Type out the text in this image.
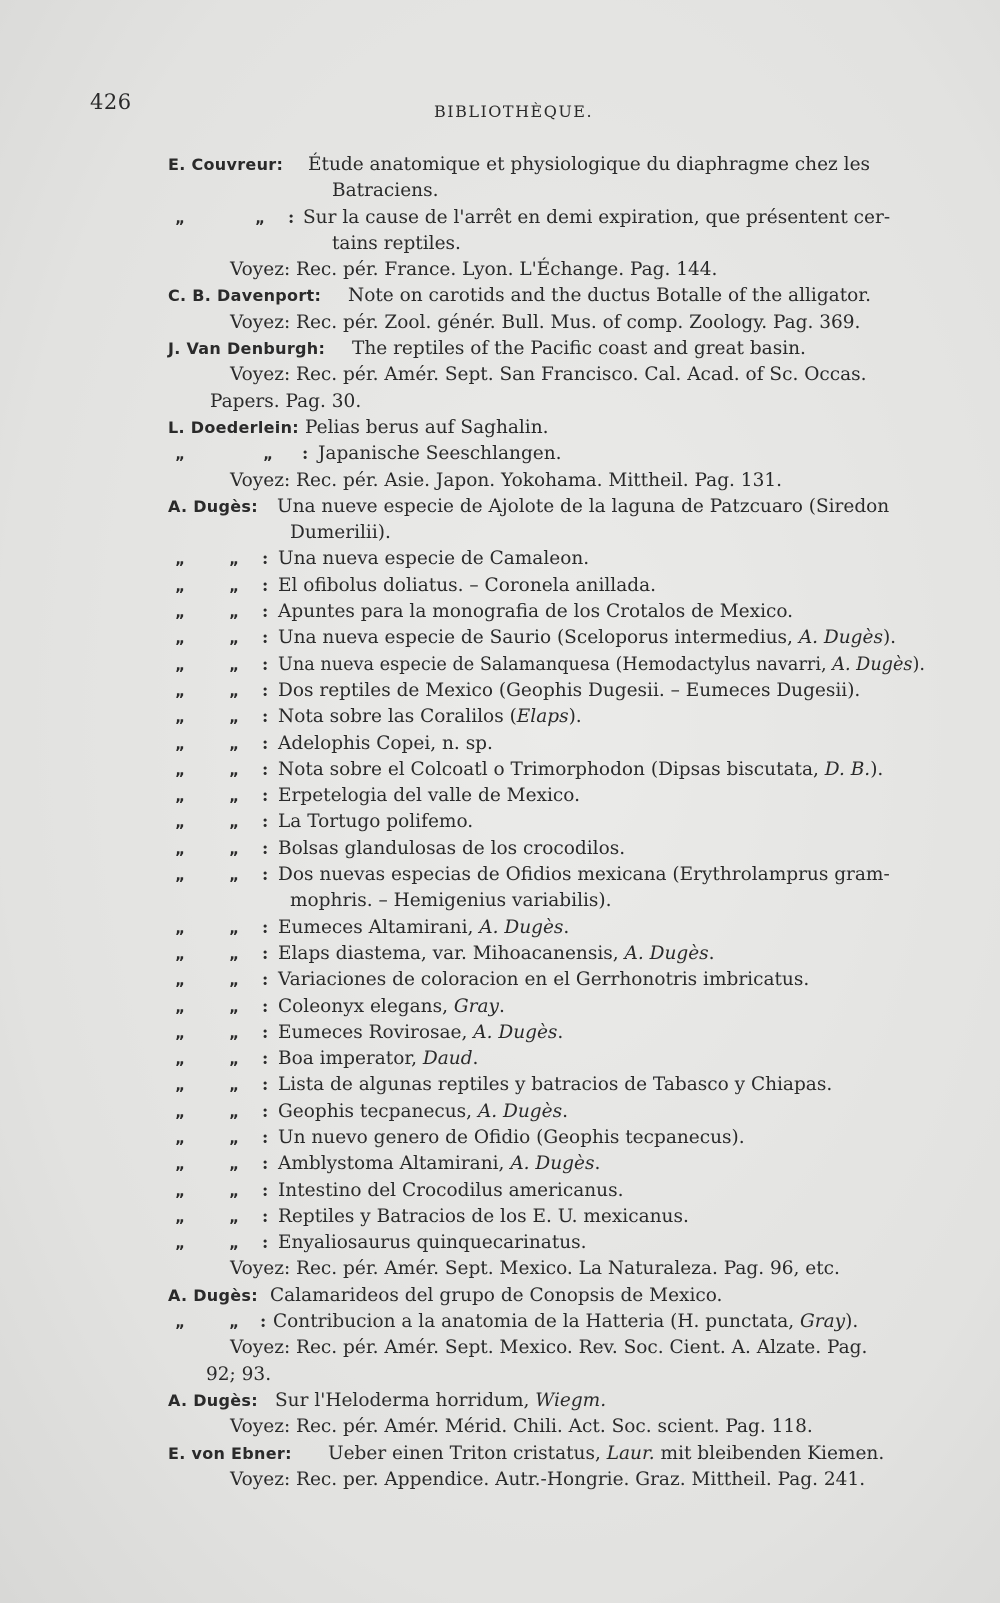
426	BIBLIOTHÈQUE.
E. Couvreur: Étude anatomique et physiologique du diaphragme chez les
Batraciens.
„	„	: Sur la cause de l'arrêt en demi expiration, que présentent cer-
tains reptiles.
Voyez: Rec. pér. France. Lyon. L'Échange. Pag. 144.
C. B. Davenport: Note on carotids and the ductus Botalle of the alligator.
Voyez: Rec. pér. Zool. génér. Bull. Mus. of comp. Zoology. Pag. 369.
J. Van Denburgh: The reptiles of the Pacific coast and great basin.
Voyez: Rec. pér. Amér. Sept. San Francisco. Cal. Acad. of Sc. Occas.
Papers. Pag. 30.
L. Doederlein: Pelias berus auf Saghalin.
„	„	: Japanische Seeschlangen.
Voyez: Rec. pér. Asie. Japon. Yokohama. Mittheil. Pag. 131.
A. Dugès: Una nueve especie de Ajolote de la laguna de Patzcuaro (Siredon
Dumerilii).
„	„	: Una nueva especie de Camaleon.
„	„	: El ofibolus doliatus. – Coronela anillada.
„	„	: Apuntes para la monografia de los Crotalos de Mexico.
„	„	: Una nueva especie de Saurio (Sceloporus intermedius, A. Dugès).
„	„	: Una nueva especie de Salamanquesa (Hemodactylus navarri, A. Dugès).
„	„	: Dos reptiles de Mexico (Geophis Dugesii. – Eumeces Dugesii).
„	„	: Nota sobre las Coralilos (Elaps).
„	„	: Adelophis Copei, n. sp.
„	„	: Nota sobre el Colcoatl o Trimorphodon (Dipsas biscutata, D. B.).
„	„	: Erpetelogia del valle de Mexico.
„	„	: La Tortugo polifemo.
„	„	: Bolsas glandulosas de los crocodilos.
„	„	: Dos nuevas especias de Ofidios mexicana (Erythrolamprus gram-
mophris. – Hemigenius variabilis).
„	„	: Eumeces Altamirani, A. Dugès.
„	„	: Elaps diastema, var. Mihoacanensis, A. Dugès.
„	„	: Variaciones de coloracion en el Gerrhonotris imbricatus.
„	„	: Coleonyx elegans, Gray.
„	„	: Eumeces Rovirosae, A. Dugès.
„	„	: Boa imperator, Daud.
„	„	: Lista de algunas reptiles y batracios de Tabasco y Chiapas.
„	„	: Geophis tecpanecus, A. Dugès.
„	„	: Un nuevo genero de Ofidio (Geophis tecpanecus).
„	„	: Amblystoma Altamirani, A. Dugès.
„	„	: Intestino del Crocodilus americanus.
„	„	: Reptiles y Batracios de los E. U. mexicanus.
„	„	: Enyaliosaurus quinquecarinatus.
Voyez: Rec. pér. Amér. Sept. Mexico. La Naturaleza. Pag. 96, etc.
A. Dugès: Calamarideos del grupo de Conopsis de Mexico.
„	„	: Contribucion a la anatomia de la Hatteria (H. punctata, Gray).
Voyez: Rec. pér. Amér. Sept. Mexico. Rev. Soc. Cient. A. Alzate. Pag.
92; 93.
A. Dugès: Sur l'Heloderma horridum, Wiegm.
Voyez: Rec. pér. Amér. Mérid. Chili. Act. Soc. scient. Pag. 118.
E. von Ebner: Ueber einen Triton cristatus, Laur. mit bleibenden Kiemen.
Voyez: Rec. per. Appendice. Autr.-Hongrie. Graz. Mittheil. Pag. 241.
